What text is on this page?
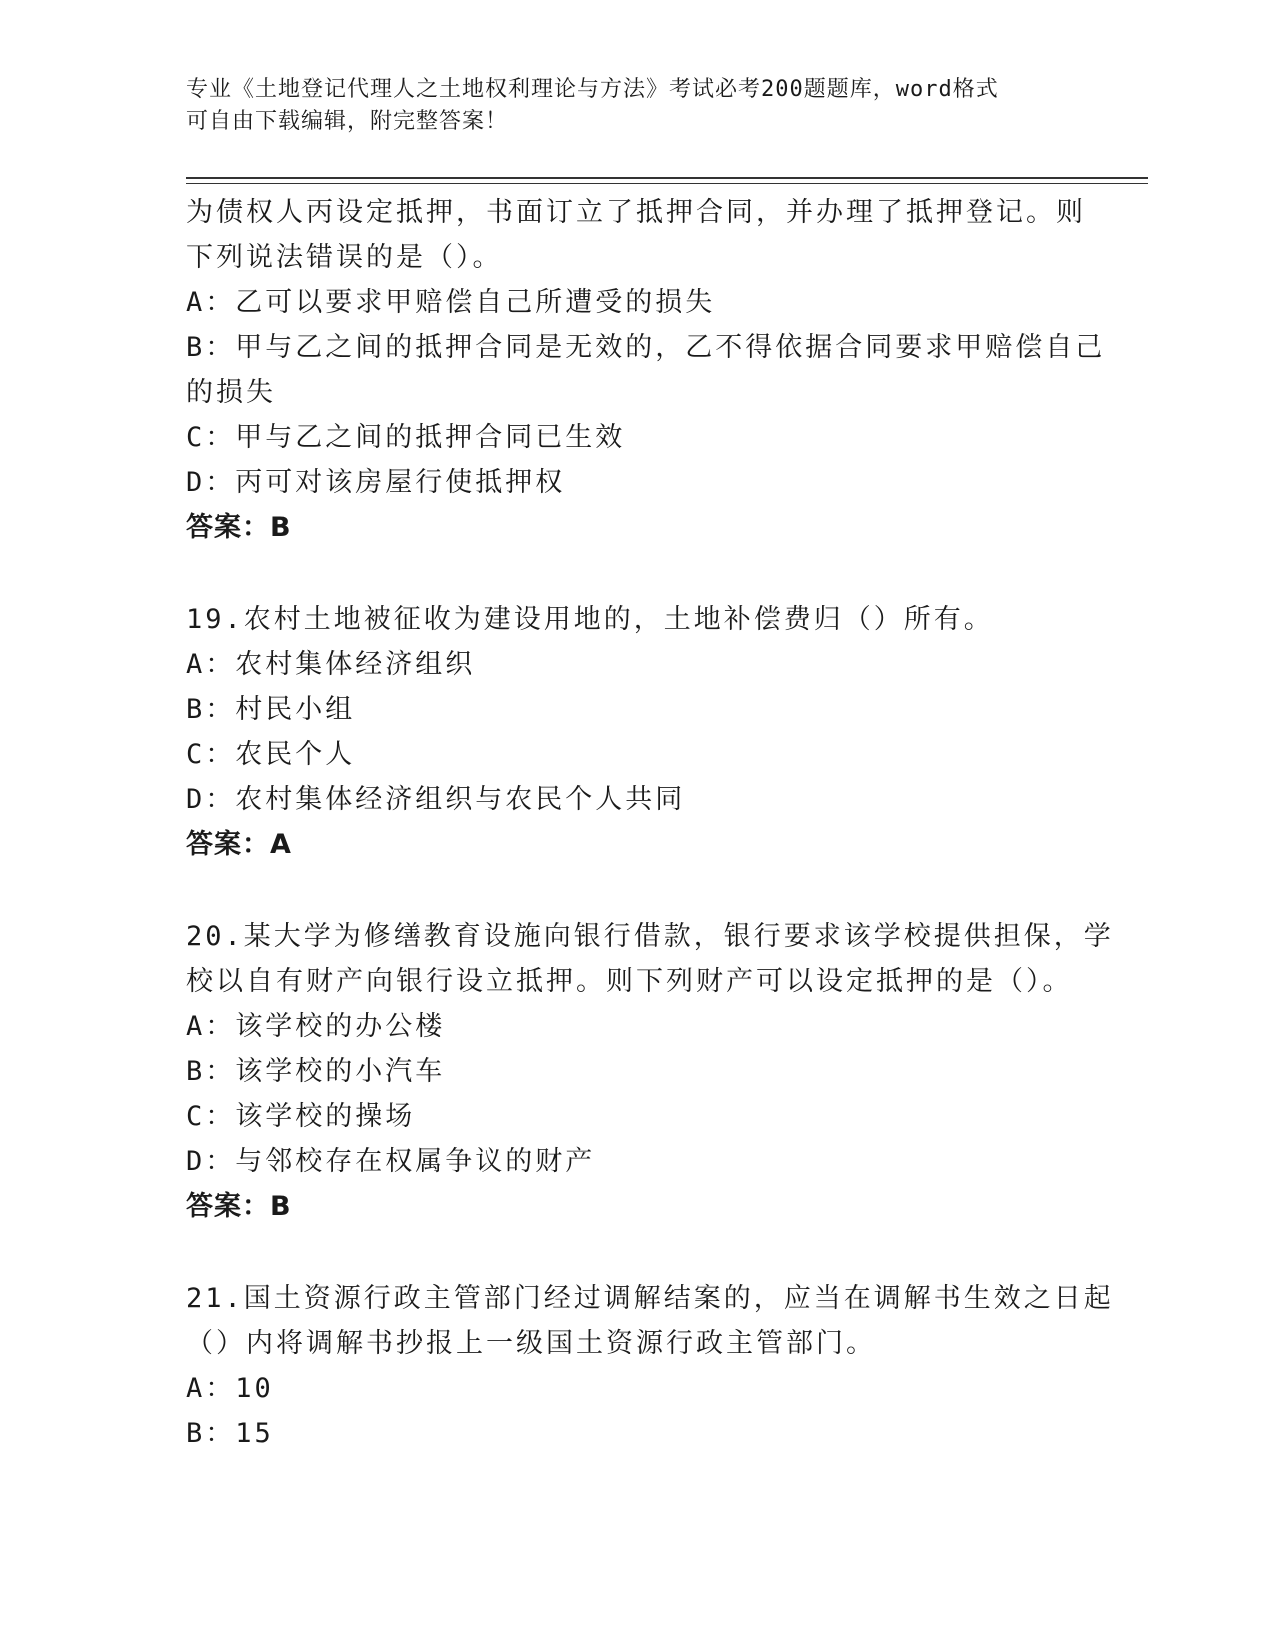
专业《土地登记代理人之土地权利理论与方法》考试必考200题题库，word格式
可自由下载编辑，附完整答案！
为债权人丙设定抵押，书面订立了抵押合同，并办理了抵押登记。则
下列说法错误的是（）。
A：乙可以要求甲赔偿自己所遭受的损失
B：甲与乙之间的抵押合同是无效的，乙不得依据合同要求甲赔偿自己
的损失
C：甲与乙之间的抵押合同已生效
D：丙可对该房屋行使抵押权
答案：B
19.农村土地被征收为建设用地的，土地补偿费归（）所有。
A：农村集体经济组织
B：村民小组
C：农民个人
D：农村集体经济组织与农民个人共同
答案：A
20.某大学为修缮教育设施向银行借款，银行要求该学校提供担保，学
校以自有财产向银行设立抵押。则下列财产可以设定抵押的是（）。
A：该学校的办公楼
B：该学校的小汽车
C：该学校的操场
D：与邻校存在权属争议的财产
答案：B
21.国土资源行政主管部门经过调解结案的，应当在调解书生效之日起
（）内将调解书抄报上一级国土资源行政主管部门。
A：10
B：15
